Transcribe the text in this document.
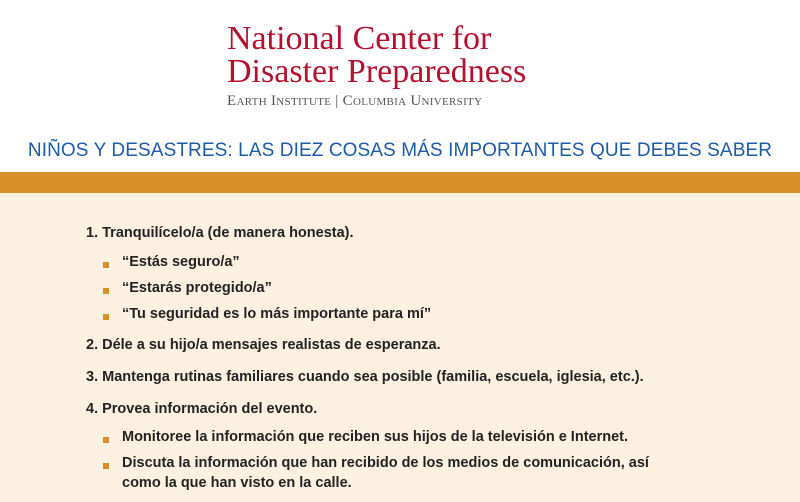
National Center for
Disaster Preparedness
Earth Institute | Columbia University
NIÑOS Y DESASTRES: LAS DIEZ COSAS MÁS IMPORTANTES QUE DEBES SABER
1. Tranquilícelo/a (de manera honesta).
“Estás seguro/a”
“Estarás protegido/a”
“Tu seguridad es lo más importante para mí”
2. Déle a su hijo/a mensajes realistas de esperanza.
3. Mantenga rutinas familiares cuando sea posible (familia, escuela, iglesia, etc.).
4. Provea información del evento.
Monitoree la información que reciben sus hijos de la televisión e Internet.
Discuta la información que han recibido de los medios de comunicación, así
como la que han visto en la calle.
